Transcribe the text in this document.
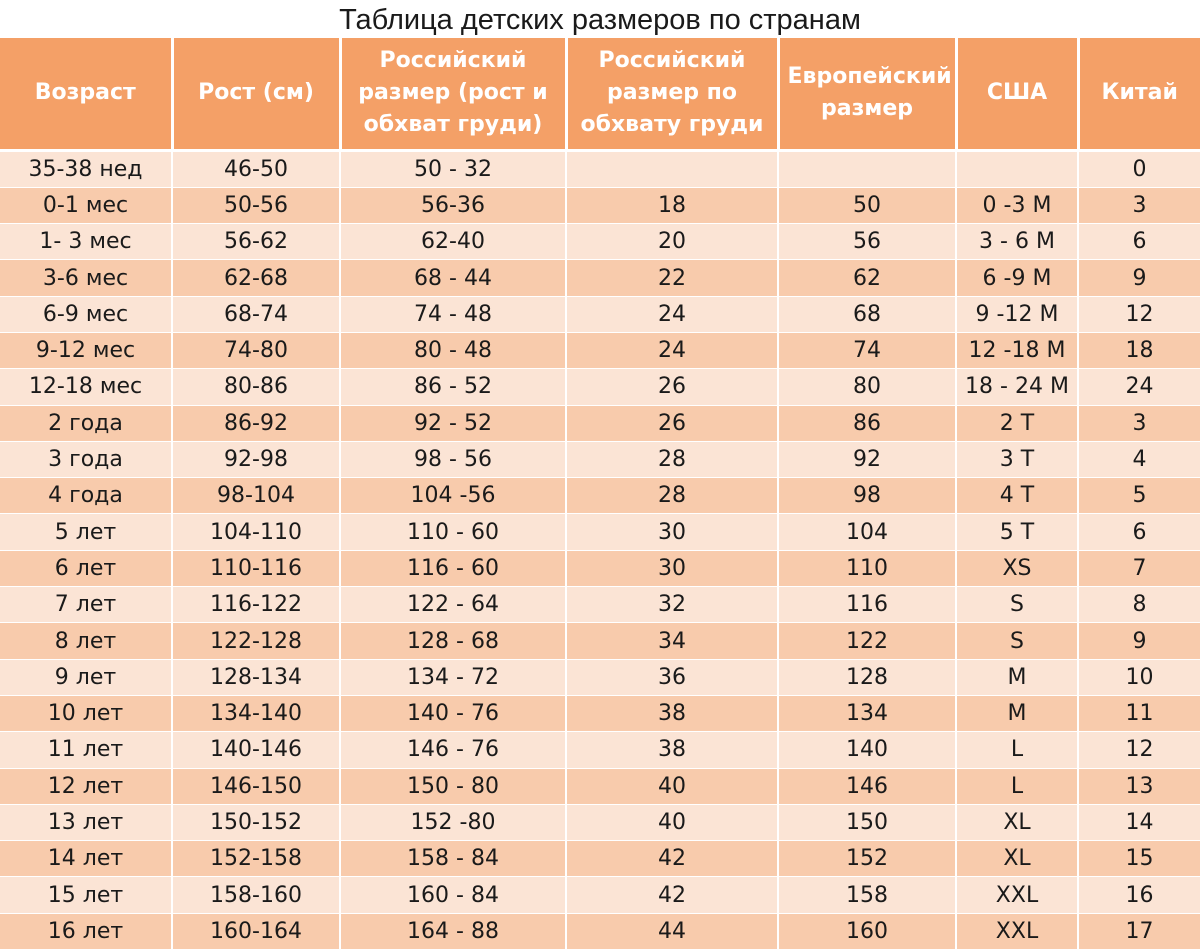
Таблица детских размеров по странам
Возраст	Рост (см)	Российский размер (рост и обхват груди)	Российский размер по обхвату груди	Европейский размер	США	Китай
35-38 нед	46-50	50 - 32				0
0-1 мес	50-56	56-36	18	50	0 -3 M	3
1- 3 мес	56-62	62-40	20	56	3 - 6 M	6
3-6 мес	62-68	68 - 44	22	62	6 -9 M	9
6-9 мес	68-74	74 - 48	24	68	9 -12 M	12
9-12 мес	74-80	80 - 48	24	74	12 -18 M	18
12-18 мес	80-86	86 - 52	26	80	18 - 24 M	24
2 года	86-92	92 - 52	26	86	2 T	3
3 года	92-98	98 - 56	28	92	3 T	4
4 года	98-104	104 -56	28	98	4 T	5
5 лет	104-110	110 - 60	30	104	5 T	6
6 лет	110-116	116 - 60	30	110	XS	7
7 лет	116-122	122 - 64	32	116	S	8
8 лет	122-128	128 - 68	34	122	S	9
9 лет	128-134	134 - 72	36	128	M	10
10 лет	134-140	140 - 76	38	134	M	11
11 лет	140-146	146 - 76	38	140	L	12
12 лет	146-150	150 - 80	40	146	L	13
13 лет	150-152	152 -80	40	150	XL	14
14 лет	152-158	158 - 84	42	152	XL	15
15 лет	158-160	160 - 84	42	158	XXL	16
16 лет	160-164	164 - 88	44	160	XXL	17
